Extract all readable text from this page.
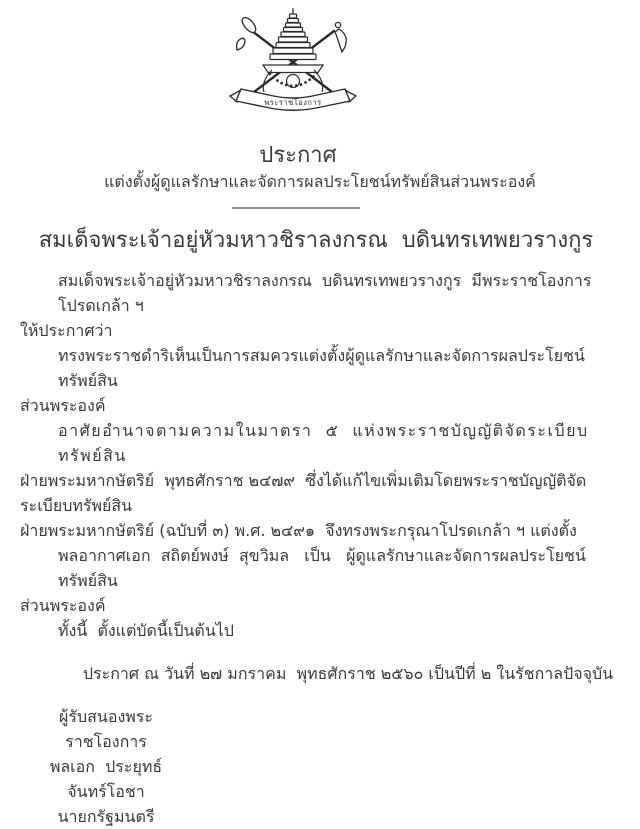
พระราชโองการ
ประกาศ
แต่งตั้งผู้ดูแลรักษาและจัดการผลประโยชน์ทรัพย์สินส่วนพระองค์
สมเด็จพระเจ้าอยู่หัวมหาวชิราลงกรณ  บดินทรเทพยวรางกูร
สมเด็จพระเจ้าอยู่หัวมหาวชิราลงกรณ  บดินทรเทพยวรางกูร  มีพระราชโองการโปรดเกล้า ฯ
ให้ประกาศว่า
ทรงพระราชดำริเห็นเป็นการสมควรแต่งตั้งผู้ดูแลรักษาและจัดการผลประโยชน์ทรัพย์สิน
ส่วนพระองค์
อาศัยอำนาจตามความในมาตรา  ๕  แห่งพระราชบัญญัติจัดระเบียบทรัพย์สิน
ฝ่ายพระมหากษัตริย์  พุทธศักราช ๒๔๗๙  ซึ่งได้แก้ไขเพิ่มเติมโดยพระราชบัญญัติจัดระเบียบทรัพย์สิน
ฝ่ายพระมหากษัตริย์ (ฉบับที่ ๓) พ.ศ. ๒๔๙๑  จึงทรงพระกรุณาโปรดเกล้า ฯ แต่งตั้ง
พลอากาศเอก  สถิตย์พงษ์  สุขวิมล   เป็น   ผู้ดูแลรักษาและจัดการผลประโยชน์ทรัพย์สิน
ส่วนพระองค์
ทั้งนี้  ตั้งแต่บัดนี้เป็นต้นไป
ประกาศ ณ วันที่ ๒๗ มกราคม  พุทธศักราช ๒๕๖๐ เป็นปีที่ ๒ ในรัชกาลปัจจุบัน
ผู้รับสนองพระราชโองการ
พลเอก  ประยุทธ์  จันทร์โอชา
นายกรัฐมนตรี
